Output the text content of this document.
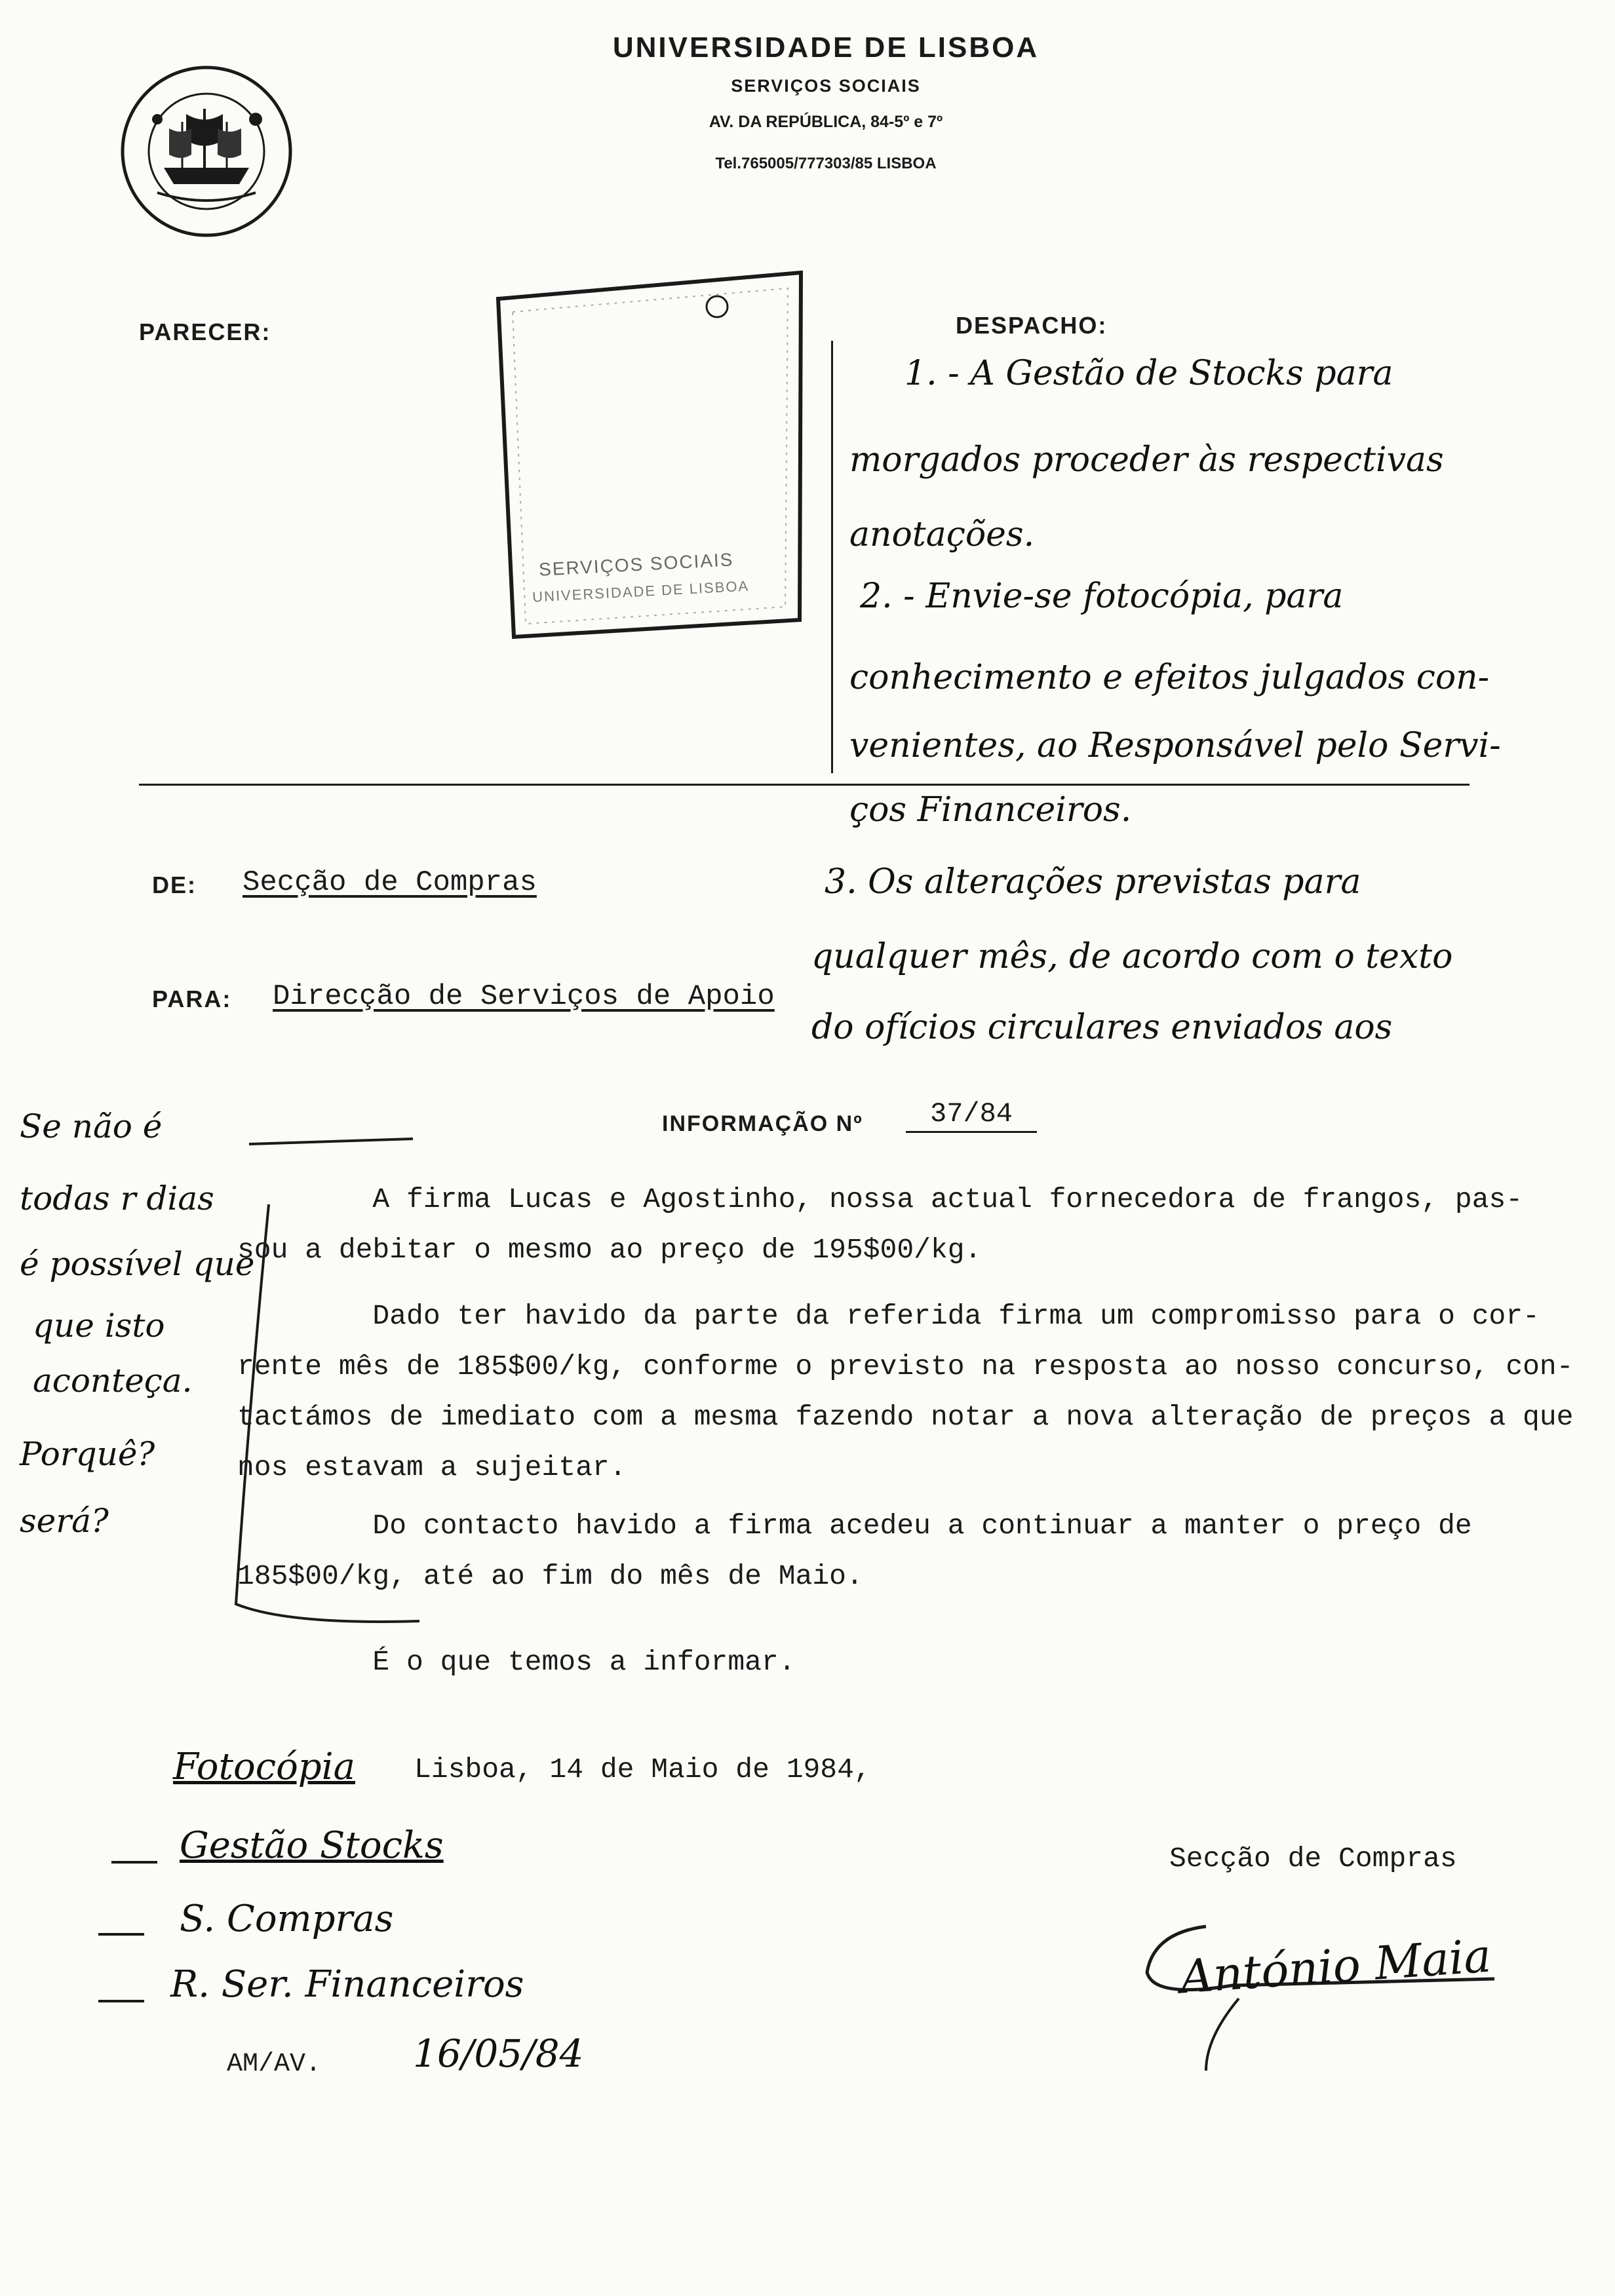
UNIVERSIDADE DE LISBOA
SERVIÇOS SOCIAIS
AV. DA REPÚBLICA, 84-5º e 7º
Tel.765005/777303/85 LISBOA
PARECER:
SERVIÇOS SOCIAIS
UNIVERSIDADE DE LISBOA
DESPACHO:
1. - A Gestão de Stocks para
morgados proceder às respectivas
anotações.
2. - Envie-se fotocópia, para
conhecimento e efeitos julgados con-
venientes, ao Responsável pelo Servi-
ços Financeiros.
3. Os alterações previstas para
qualquer mês, de acordo com o texto
do ofícios circulares enviados aos
DE: Secção de Compras
PARA: Direcção de Serviços de Apoio
INFORMAÇÃO Nº	37/84
A firma Lucas e Agostinho, nossa actual fornecedora de frangos, pas-
sou a debitar o mesmo ao preço de 195$00/kg.
Dado ter havido da parte da referida firma um compromisso para o cor-
rente mês de 185$00/kg, conforme o previsto na resposta ao nosso concurso, con-
tactámos de imediato com a mesma fazendo notar a nova alteração de preços a que
nos estavam a sujeitar.
Do contacto havido a firma acedeu a continuar a manter o preço de
185$00/kg, até ao fim do mês de Maio.
É o que temos a informar.
Se não é
todas r dias
é possível que
que isto
aconteça.
Porquê?
será?
Lisboa, 14 de Maio de 1984,
Secção de Compras
António Maia
Fotocópia
Gestão Stocks
S. Compras
R. Ser. Financeiros
AM/AV. 16/05/84
